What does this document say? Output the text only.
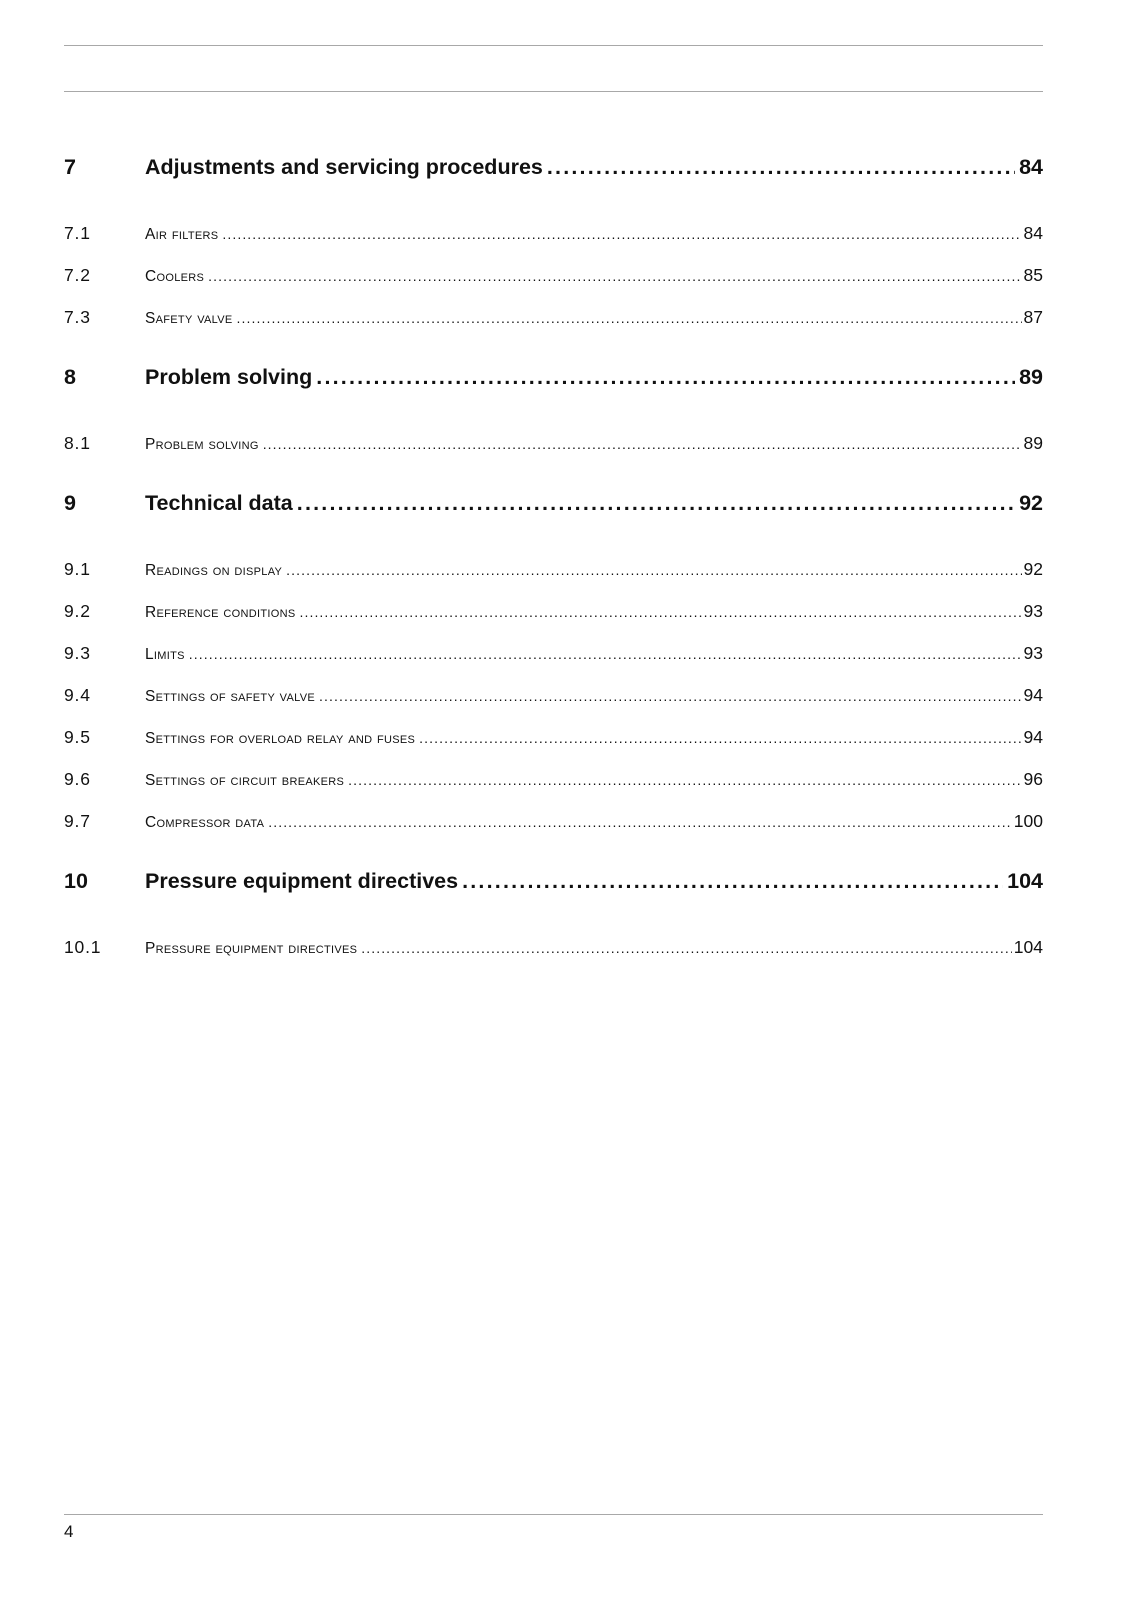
7	Adjustments and servicing procedures .....	84
7.1	Air filters .....	84
7.2	Coolers .....	85
7.3	Safety valve .....	87
8	Problem solving .....	89
8.1	Problem solving .....	89
9	Technical data .....	92
9.1	Readings on display .....	92
9.2	Reference conditions .....	93
9.3	Limits .....	93
9.4	Settings of safety valve .....	94
9.5	Settings for overload relay and fuses .....	94
9.6	Settings of circuit breakers .....	96
9.7	Compressor data .....	100
10	Pressure equipment directives .....	104
10.1	Pressure equipment directives .....	104
4
